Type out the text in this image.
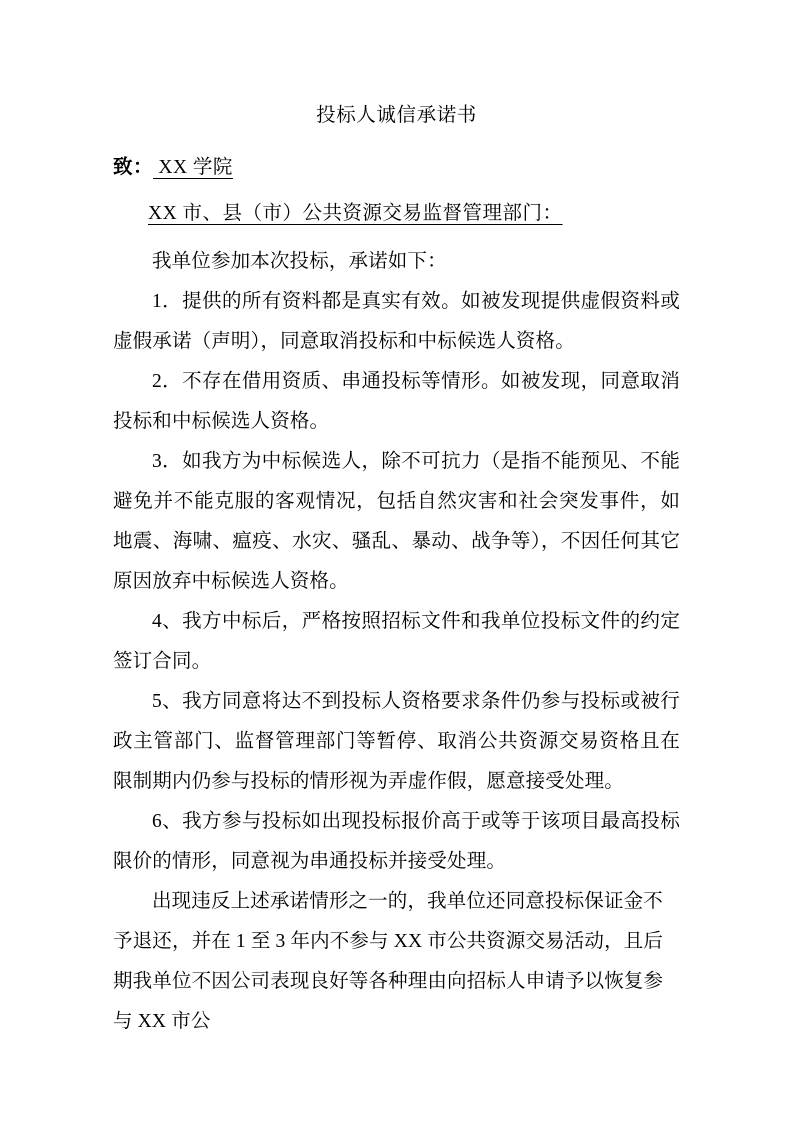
投标人诚信承诺书
致： XX 学院
XX 市、县（市）公共资源交易监督管理部门：

我单位参加本次投标，承诺如下：

1．提供的所有资料都是真实有效。如被发现提供虚假资料或虚假承诺（声明），同意取消投标和中标候选人资格。

2．不存在借用资质、串通投标等情形。如被发现，同意取消投标和中标候选人资格。

3．如我方为中标候选人，除不可抗力（是指不能预见、不能避免并不能克服的客观情况，包括自然灾害和社会突发事件，如地震、海啸、瘟疫、水灾、骚乱、暴动、战争等），不因任何其它原因放弃中标候选人资格。

4、我方中标后，严格按照招标文件和我单位投标文件的约定签订合同。

5、我方同意将达不到投标人资格要求条件仍参与投标或被行政主管部门、监督管理部门等暂停、取消公共资源交易资格且在限制期内仍参与投标的情形视为弄虚作假，愿意接受处理。

6、我方参与投标如出现投标报价高于或等于该项目最高投标限价的情形，同意视为串通投标并接受处理。

出现违反上述承诺情形之一的，我单位还同意投标保证金不予退还，并在 1 至 3 年内不参与 XX 市公共资源交易活动，且后期我单位不因公司表现良好等各种理由向招标人申请予以恢复参与 XX 市公
